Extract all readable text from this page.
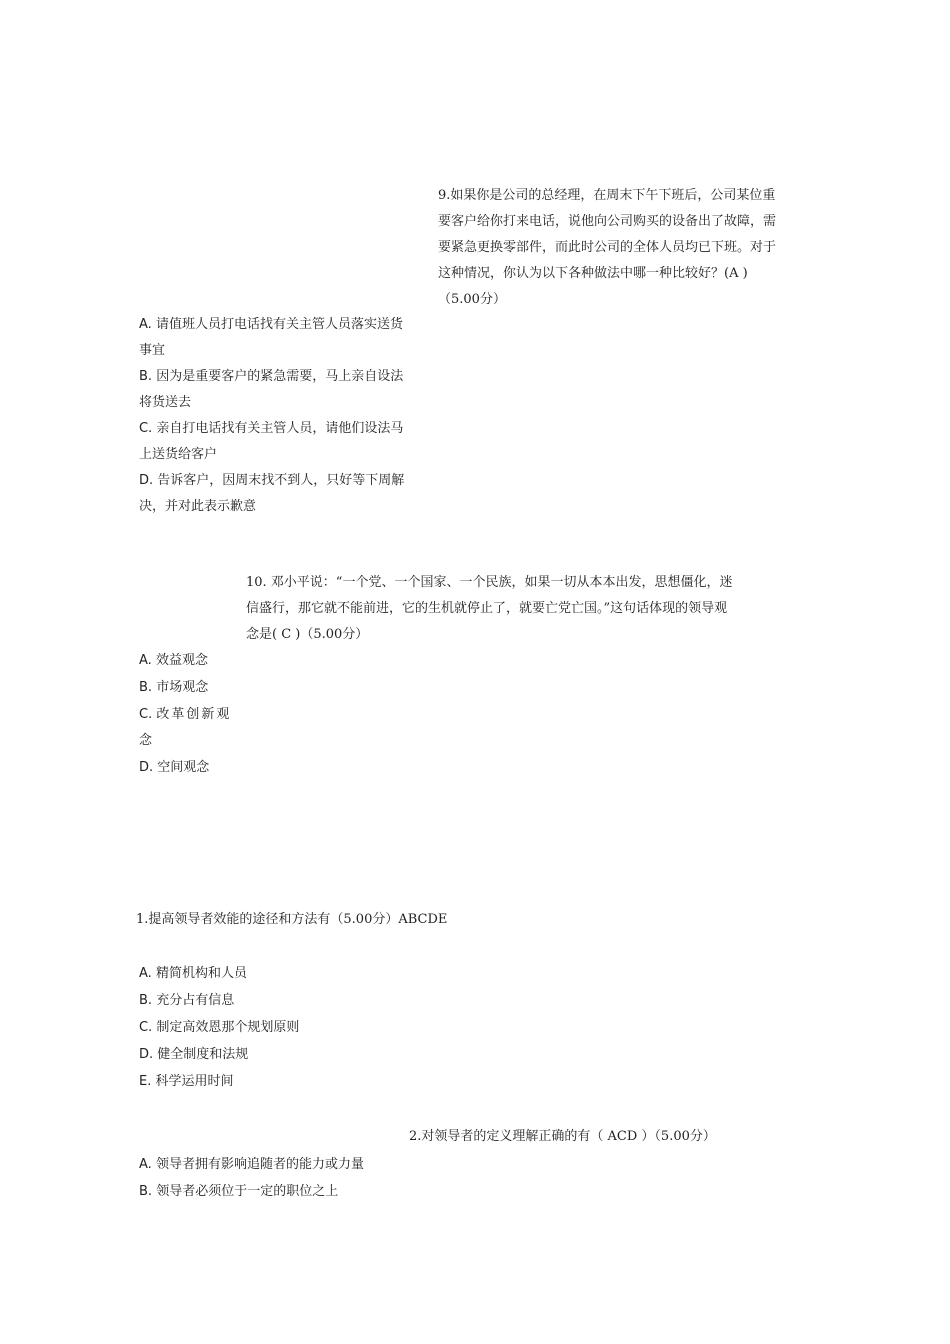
9.如果你是公司的总经理，在周末下午下班后，公司某位重
要客户给你打来电话，说他向公司购买的设备出了故障，需
要紧急更换零部件，而此时公司的全体人员均已下班。对于
这种情况，你认为以下各种做法中哪一种比较好？(A )
（5.00分）
A. 请值班人员打电话找有关主管人员落实送货
事宜
B. 因为是重要客户的紧急需要，马上亲自设法
将货送去
C. 亲自打电话找有关主管人员，请他们设法马
上送货给客户
D. 告诉客户，因周末找不到人，只好等下周解
决，并对此表示歉意
10. 邓小平说：“一个党、一个国家、一个民族，如果一切从本本出发，思想僵化，迷
信盛行，那它就不能前进，它的生机就停止了，就要亡党亡国。”这句话体现的领导观
念是( C )（5.00分）
A. 效益观念
B. 市场观念
C. 改革创新观
念
D. 空间观念
1.提高领导者效能的途径和方法有（5.00分）ABCDE
A. 精简机构和人员
B. 充分占有信息
C. 制定高效恩那个规划原则
D. 健全制度和法规
E. 科学运用时间
2.对领导者的定义理解正确的有（ ACD ）（5.00分）
A. 领导者拥有影响追随者的能力或力量
B. 领导者必须位于一定的职位之上
